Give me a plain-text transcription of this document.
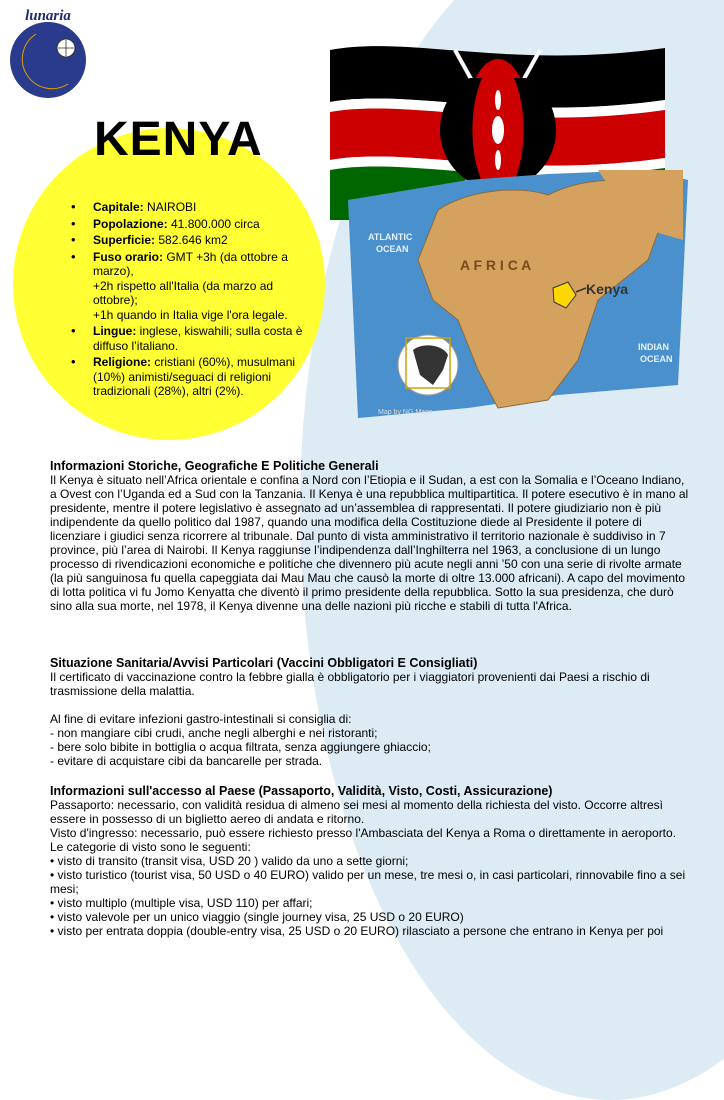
lunaria
KENYA
• Capitale: NAIROBI
• Popolazione: 41.800.000 circa
• Superficie: 582.646 km2
• Fuso orario: GMT +3h (da ottobre a marzo),
+2h rispetto all'Italia (da marzo ad ottobre);
+1h quando in Italia vige l'ora legale.
• Lingue: inglese, kiswahili; sulla costa è diffuso l’italiano.
• Religione: cristiani (60%), musulmani (10%) animisti/seguaci di religioni tradizionali (28%), altri (2%).
ATLANTIC
OCEAN
A F R I C A
Kenya
INDIAN
OCEAN
Map by NG Maps
Informazioni Storiche, Geografiche E Politiche Generali

Il Kenya è situato nell’Africa orientale e confina a Nord con l’Etiopia e il Sudan, a est con la Somalia e l’Oceano Indiano, a Ovest con l’Uganda ed a Sud con la Tanzania. Il Kenya è una repubblica multipartitica. Il potere esecutivo è in mano al presidente, mentre il potere legislativo è assegnato ad un’assemblea di rappresentati. Il potere giudiziario non è più indipendente da quello politico dal 1987, quando una modifica della Costituzione diede al Presidente il potere di licenziare i giudici senza ricorrere al tribunale. Dal punto di vista amministrativo il territorio nazionale è suddiviso in 7 province, più l’area di Nairobi. Il Kenya raggiunse l’indipendenza dall’Inghilterra nel 1963, a conclusione di un lungo processo di rivendicazioni economiche e politiche che divennero più acute negli anni ’50 con una serie di rivolte armate (la più sanguinosa fu quella capeggiata dai Mau Mau che causò la morte di oltre 13.000 africani). A capo del movimento di lotta politica vi fu Jomo Kenyatta che diventò il primo presidente della repubblica. Sotto la sua presidenza, che durò sino alla sua morte, nel 1978, il Kenya divenne una delle nazioni più ricche e stabili di tutta l'Africa.

Situazione Sanitaria/Avvisi Particolari (Vaccini Obbligatori E Consigliati)

Il certificato di vaccinazione contro la febbre gialla è obbligatorio per i viaggiatori provenienti dai Paesi a rischio di trasmissione della malattia.

Al fine di evitare infezioni gastro-intestinali si consiglia di:

- non mangiare cibi crudi, anche negli alberghi e nei ristoranti;

- bere solo bibite in bottiglia o acqua filtrata, senza aggiungere ghiaccio;

- evitare di acquistare cibi da bancarelle per strada.

Informazioni sull'accesso al Paese (Passaporto, Validità, Visto, Costi, Assicurazione)

Passaporto: necessario, con validità residua di almeno sei mesi al momento della richiesta del visto. Occorre altresì essere in possesso di un biglietto aereo di andata e ritorno.

Visto d'ingresso: necessario, può essere richiesto presso l'Ambasciata del Kenya a Roma o direttamente in aeroporto. Le categorie di visto sono le seguenti:

• visto di transito (transit visa, USD 20 ) valido da uno a sette giorni;

• visto turistico (tourist visa, 50 USD o 40 EURO) valido per un mese, tre mesi o, in casi particolari, rinnovabile fino a sei mesi;

• visto multiplo (multiple visa, USD 110) per affari;

• visto valevole per un unico viaggio (single journey visa, 25 USD o 20 EURO)

• visto per entrata doppia (double-entry visa, 25 USD o 20 EURO) rilasciato a persone che entrano in Kenya per poi
